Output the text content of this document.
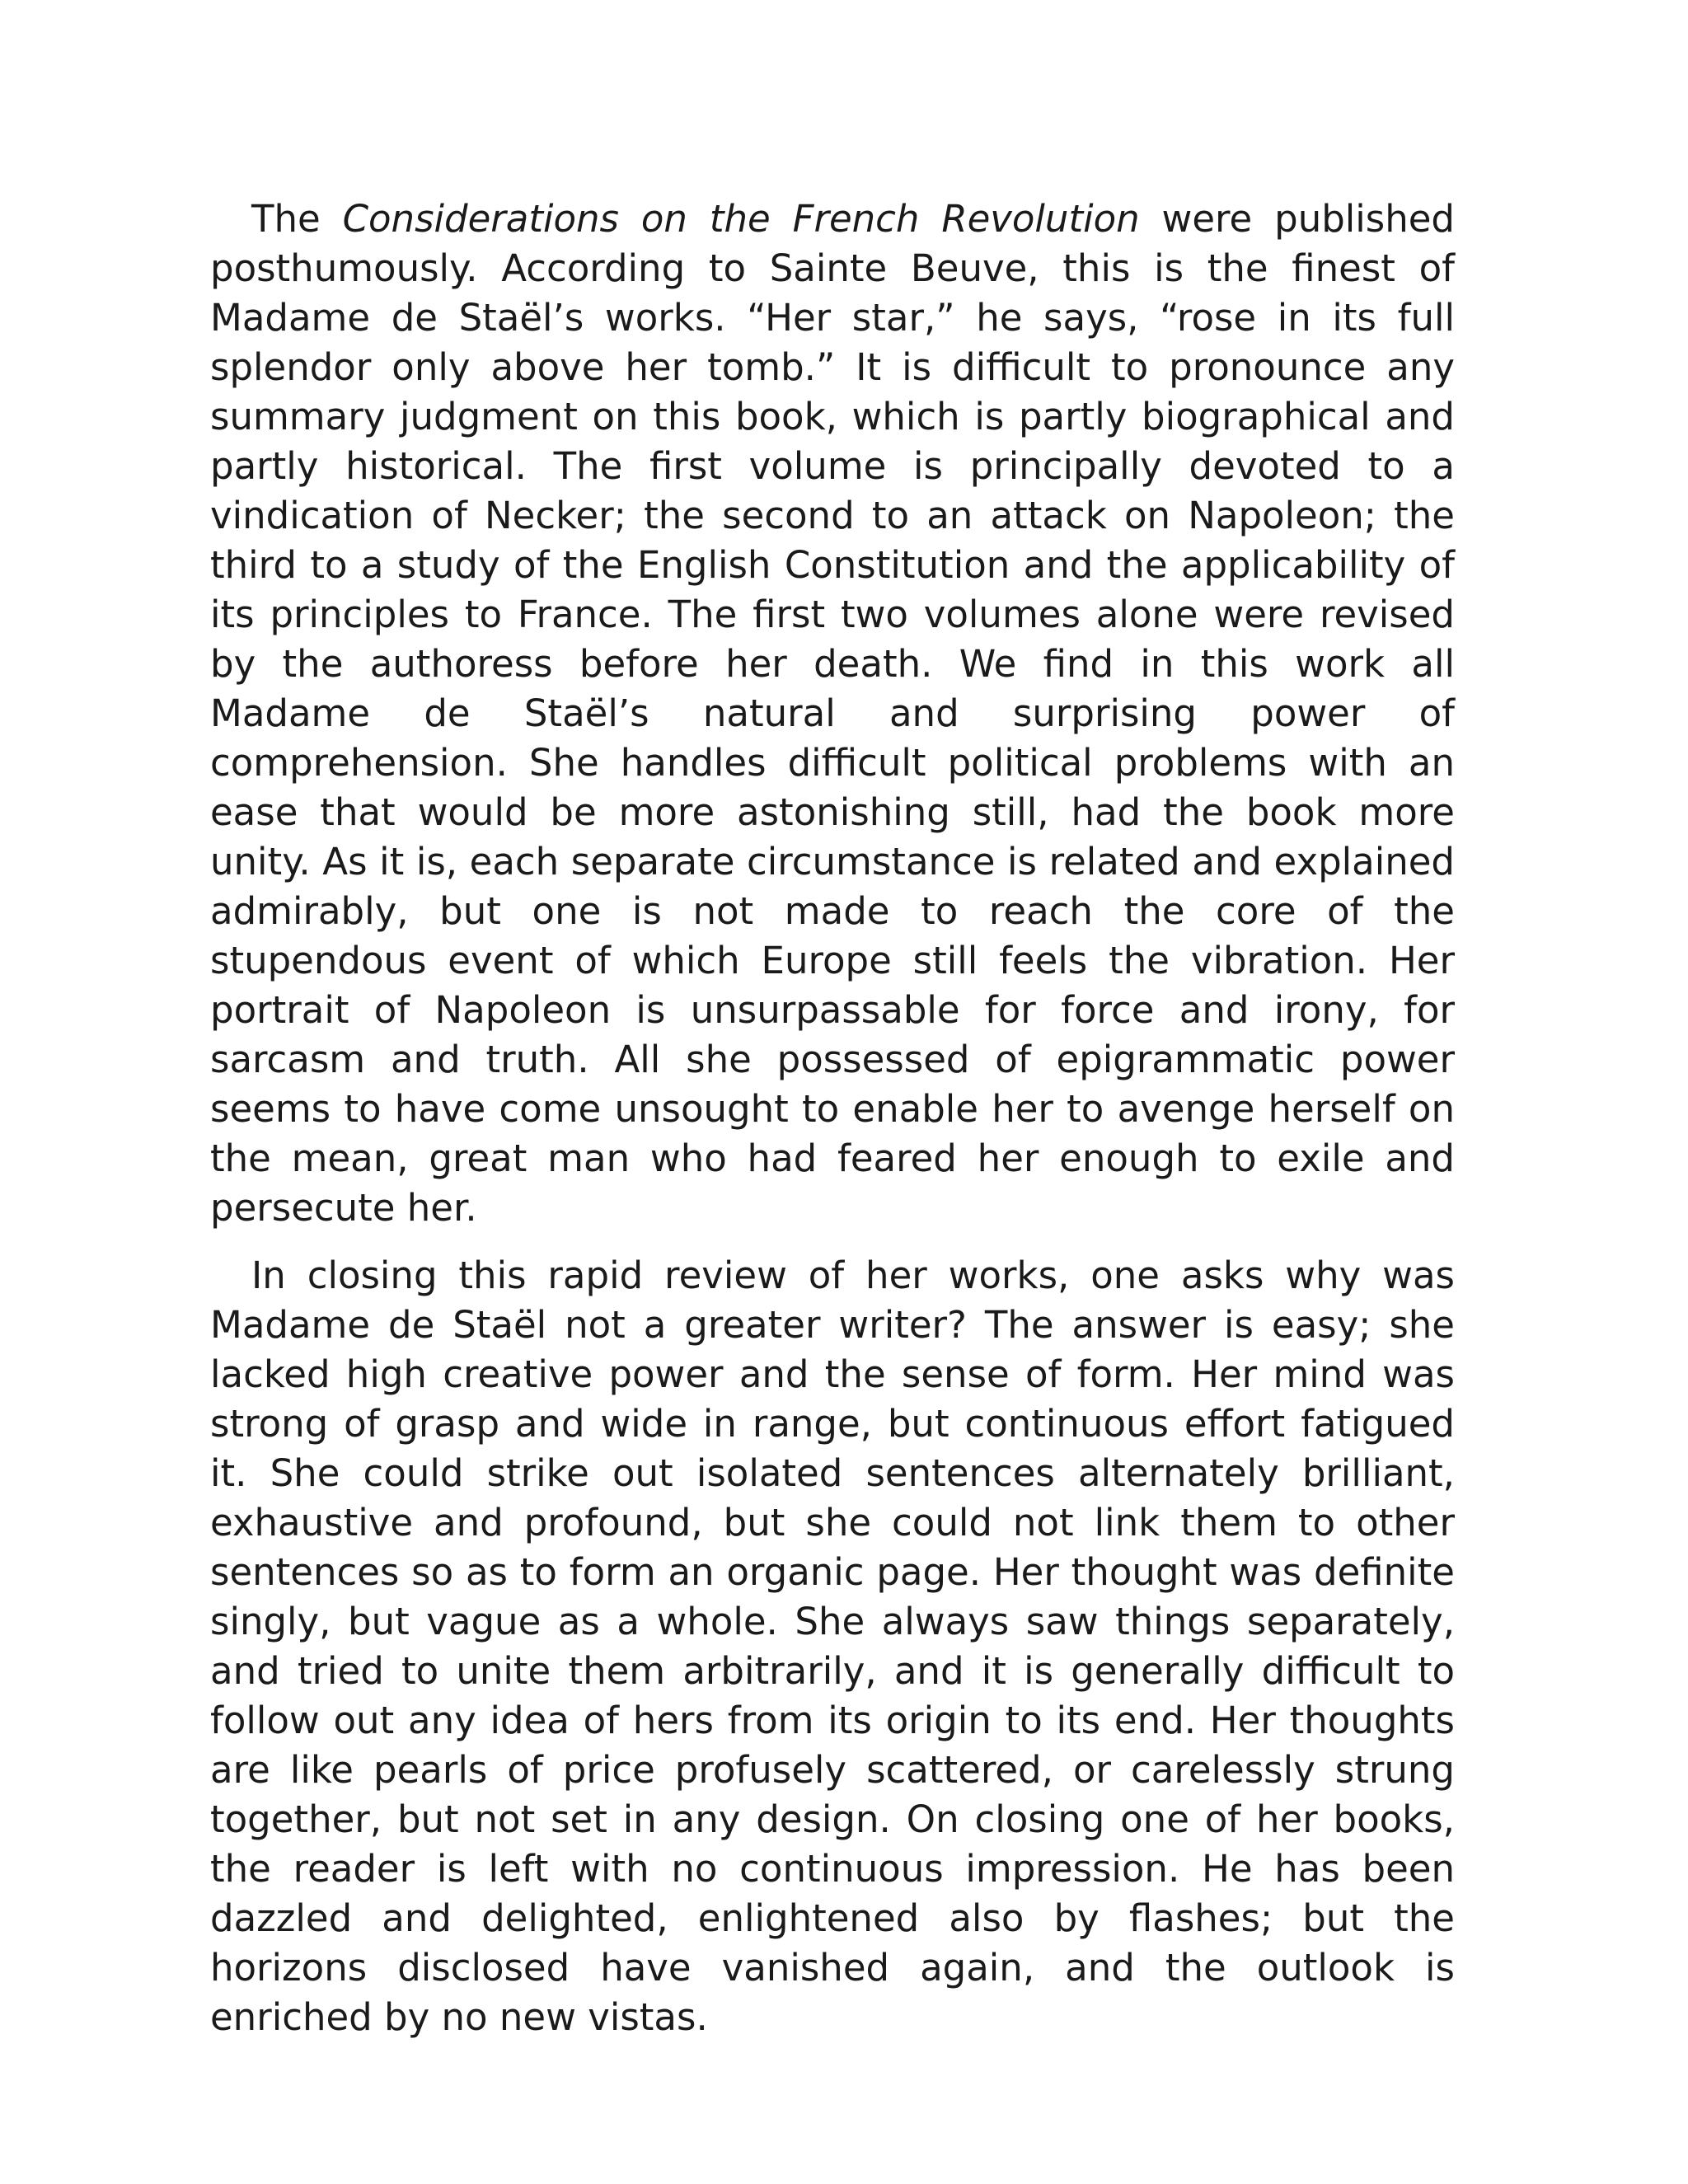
The Considerations on the French Revolution were published posthumously. According to Sainte Beuve, this is the finest of Madame de Staël’s works. “Her star,” he says, “rose in its full splendor only above her tomb.” It is difficult to pronounce any summary judgment on this book, which is partly biographical and partly historical. The first volume is principally devoted to a vindication of Necker; the second to an attack on Napoleon; the third to a study of the English Constitution and the applicability of its principles to France. The first two volumes alone were revised by the authoress before her death. We find in this work all Madame de Staël’s natural and surprising power of comprehension. She handles difficult political problems with an ease that would be more astonishing still, had the book more unity. As it is, each separate circumstance is related and explained admirably, but one is not made to reach the core of the stupendous event of which Europe still feels the vibration. Her portrait of Napoleon is unsurpassable for force and irony, for sarcasm and truth. All she possessed of epigrammatic power seems to have come unsought to enable her to avenge herself on the mean, great man who had feared her enough to exile and persecute her.

In closing this rapid review of her works, one asks why was Madame de Staël not a greater writer? The answer is easy; she lacked high creative power and the sense of form. Her mind was strong of grasp and wide in range, but continuous effort fatigued it. She could strike out isolated sentences alternately brilliant, exhaustive and profound, but she could not link them to other sentences so as to form an organic page. Her thought was definite singly, but vague as a whole. She always saw things separately, and tried to unite them arbitrarily, and it is generally difficult to follow out any idea of hers from its origin to its end. Her thoughts are like pearls of price profusely scattered, or carelessly strung together, but not set in any design. On closing one of her books, the reader is left with no continuous impression. He has been dazzled and delighted, enlightened also by flashes; but the horizons disclosed have vanished again, and the outlook is enriched by no new vistas.
